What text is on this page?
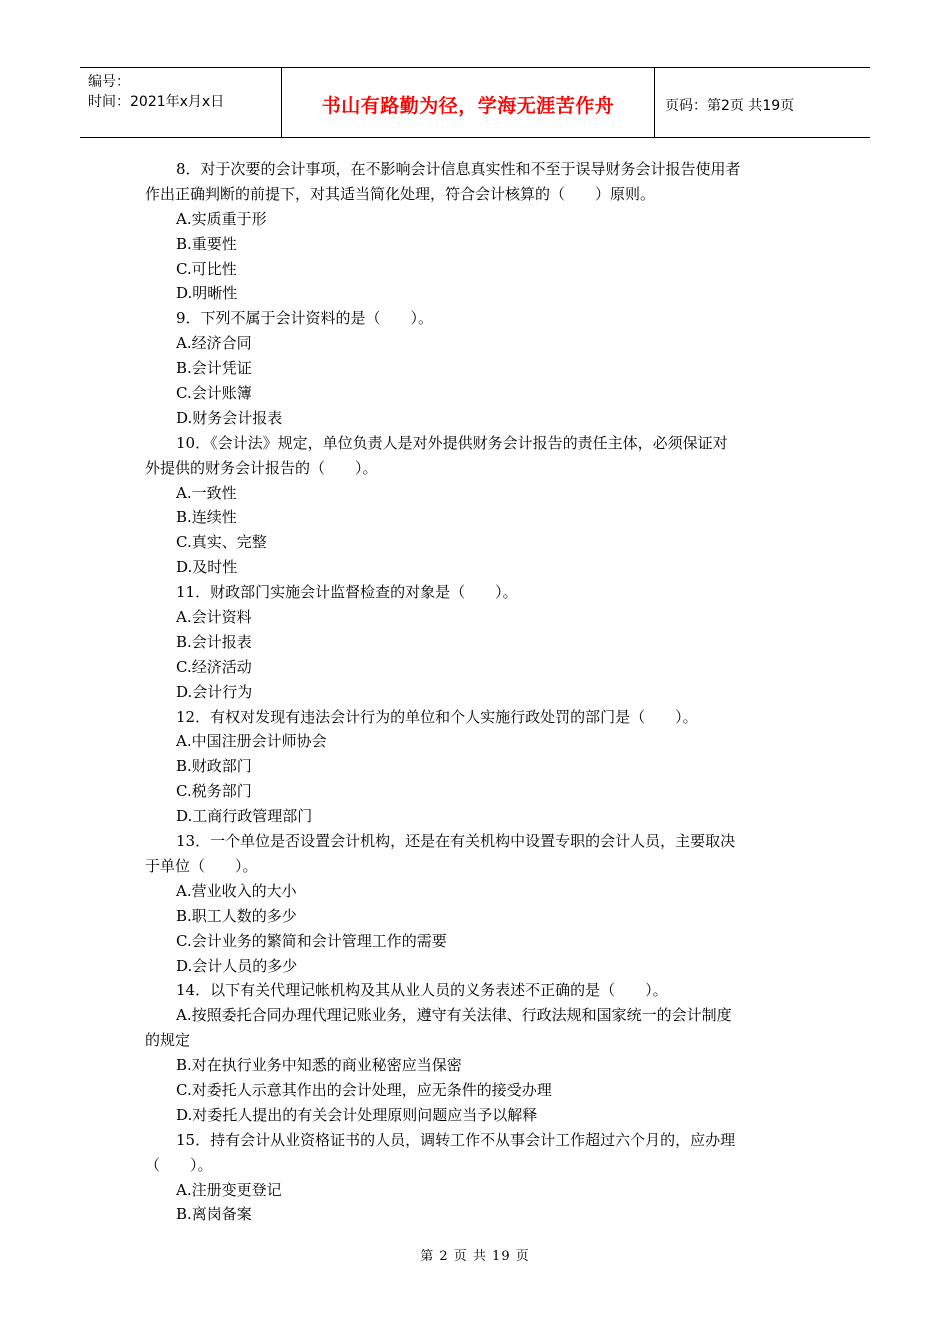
编号：
时间：2021年x月x日	书山有路勤为径，学海无涯苦作舟	页码：第2页 共19页
8．对于次要的会计事项，在不影响会计信息真实性和不至于误导财务会计报告使用者
作出正确判断的前提下，对其适当简化处理，符合会计核算的（　　）原则。
A.实质重于形
B.重要性
C.可比性
D.明晰性
9．下列不属于会计资料的是（　　）。
A.经济合同
B.会计凭证
C.会计账簿
D.财务会计报表
10．《会计法》规定，单位负责人是对外提供财务会计报告的责任主体，必须保证对
外提供的财务会计报告的（　　）。
A.一致性
B.连续性
C.真实、完整
D.及时性
11．财政部门实施会计监督检查的对象是（　　）。
A.会计资料
B.会计报表
C.经济活动
D.会计行为
12．有权对发现有违法会计行为的单位和个人实施行政处罚的部门是（　　）。
A.中国注册会计师协会
B.财政部门
C.税务部门
D.工商行政管理部门
13．一个单位是否设置会计机构，还是在有关机构中设置专职的会计人员，主要取决
于单位（　　）。
A.营业收入的大小
B.职工人数的多少
C.会计业务的繁简和会计管理工作的需要
D.会计人员的多少
14．以下有关代理记帐机构及其从业人员的义务表述不正确的是（　　）。
A.按照委托合同办理代理记账业务，遵守有关法律、行政法规和国家统一的会计制度
的规定
B.对在执行业务中知悉的商业秘密应当保密
C.对委托人示意其作出的会计处理，应无条件的接受办理
D.对委托人提出的有关会计处理原则问题应当予以解释
15．持有会计从业资格证书的人员，调转工作不从事会计工作超过六个月的，应办理
（　　）。
A.注册变更登记
B.离岗备案
第 2 页 共 19 页
